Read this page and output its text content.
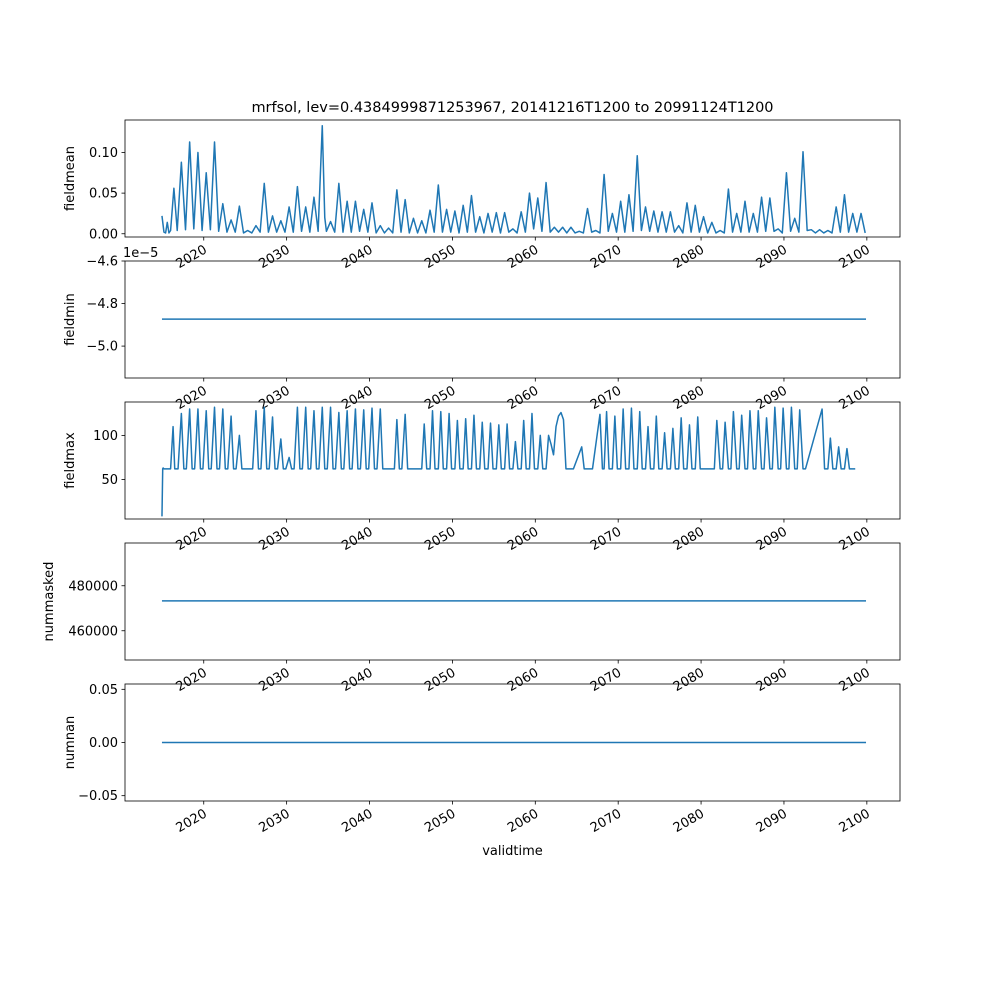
0.00
0.05
0.10
fieldmean
2020	2030	2040	2050	2060	2070	2080	2090	2100
mrfsol, lev=0.4384999871253967, 20141216T1200 to 20991124T1200
−4.6
−4.8
−5.0
fieldmin
1e−5
2020	2030	2040	2050	2060	2070	2080	2090	2100
50
100
fieldmax
2020	2030	2040	2050	2060	2070	2080	2090	2100
460000
480000
nummasked
2020	2030	2040	2050	2060	2070	2080	2090	2100
−0.05
0.00
0.05
numnan
2020	2030	2040	2050	2060	2070	2080	2090	2100
validtime
